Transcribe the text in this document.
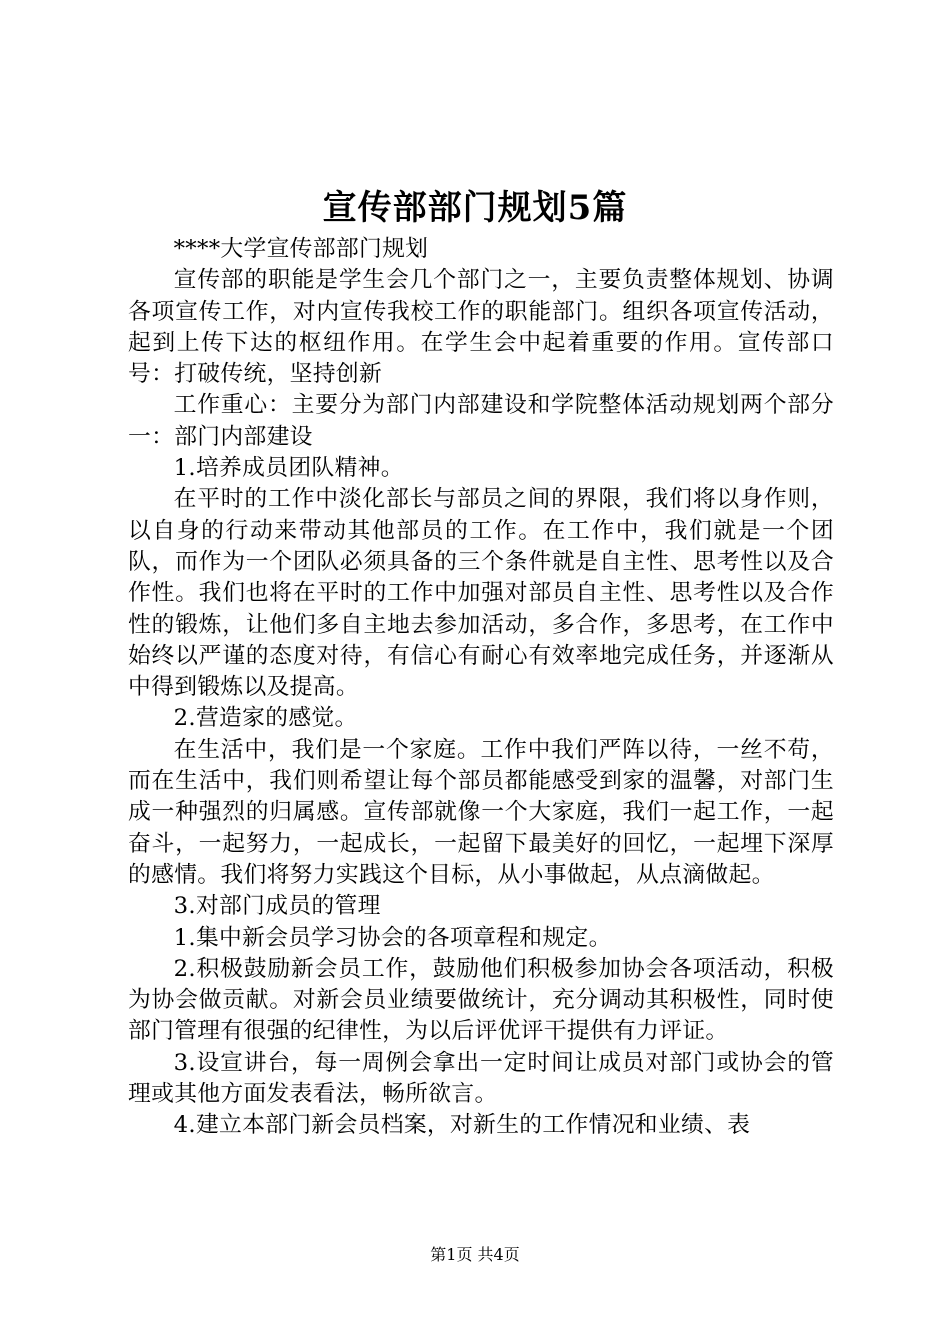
宣传部部门规划5篇

****大学宣传部部门规划

宣传部的职能是学生会几个部门之一，主要负责整体规划、协调各项宣传工作，对内宣传我校工作的职能部门。组织各项宣传活动，起到上传下达的枢纽作用。在学生会中起着重要的作用。宣传部口号：打破传统，坚持创新

工作重心：主要分为部门内部建设和学院整体活动规划两个部分一：部门内部建设

1.培养成员团队精神。

在平时的工作中淡化部长与部员之间的界限，我们将以身作则，以自身的行动来带动其他部员的工作。在工作中，我们就是一个团队，而作为一个团队必须具备的三个条件就是自主性、思考性以及合作性。我们也将在平时的工作中加强对部员自主性、思考性以及合作性的锻炼，让他们多自主地去参加活动，多合作，多思考，在工作中始终以严谨的态度对待，有信心有耐心有效率地完成任务，并逐渐从中得到锻炼以及提高。

2.营造家的感觉。

在生活中，我们是一个家庭。工作中我们严阵以待，一丝不苟，而在生活中，我们则希望让每个部员都能感受到家的温馨，对部门生成一种强烈的归属感。宣传部就像一个大家庭，我们一起工作，一起奋斗，一起努力，一起成长，一起留下最美好的回忆，一起埋下深厚的感情。我们将努力实践这个目标，从小事做起，从点滴做起。

3.对部门成员的管理

1.集中新会员学习协会的各项章程和规定。

2.积极鼓励新会员工作，鼓励他们积极参加协会各项活动，积极为协会做贡献。对新会员业绩要做统计，充分调动其积极性，同时使部门管理有很强的纪律性，为以后评优评干提供有力评证。

3.设宣讲台，每一周例会拿出一定时间让成员对部门或协会的管理或其他方面发表看法，畅所欲言。

4.建立本部门新会员档案，对新生的工作情况和业绩、表

第1页 共4页
